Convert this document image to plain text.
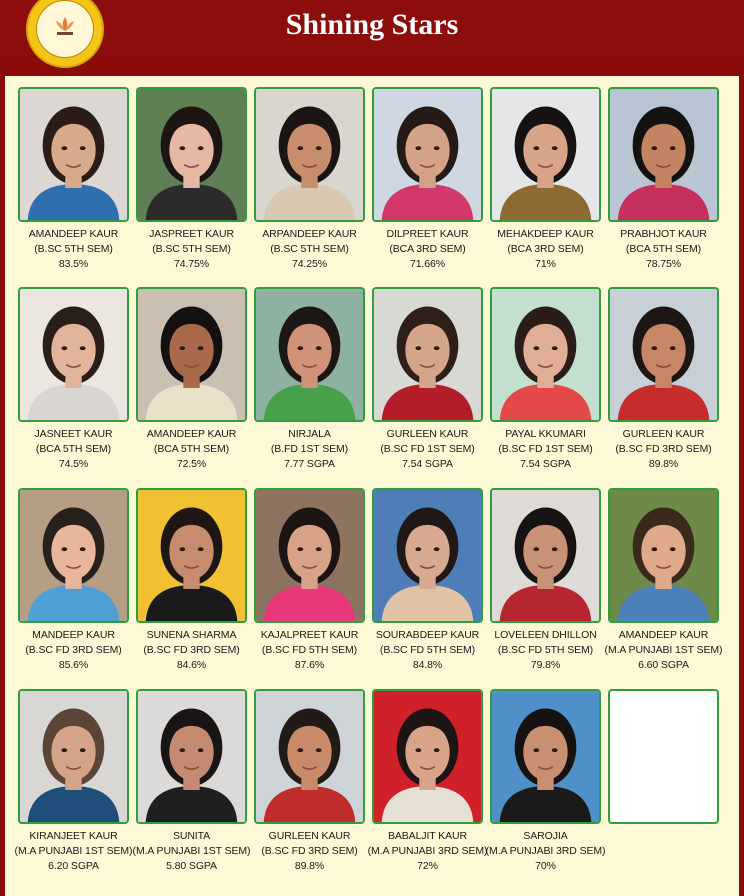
Shining Stars
AMANDEEP KAUR
(B.SC 5TH SEM)
83.5%
JASPREET KAUR
(B.SC 5TH SEM)
74.75%
ARPANDEEP KAUR
(B.SC 5TH SEM)
74.25%
DILPREET KAUR
(BCA 3RD SEM)
71.66%
MEHAKDEEP KAUR
(BCA 3RD SEM)
71%
PRABHJOT KAUR
(BCA 5TH SEM)
78.75%
JASNEET KAUR
(BCA 5TH SEM)
74.5%
AMANDEEP KAUR
(BCA 5TH SEM)
72.5%
NIRJALA
(B.FD 1ST SEM)
7.77 SGPA
GURLEEN KAUR
(B.SC FD 1ST SEM)
7.54 SGPA
PAYAL KKUMARI
(B.SC FD 1ST SEM)
7.54 SGPA
GURLEEN KAUR
(B.SC FD 3RD SEM)
89.8%
MANDEEP KAUR
(B.SC FD 3RD SEM)
85.6%
SUNENA SHARMA
(B.SC FD 3RD SEM)
84.6%
KAJALPREET KAUR
(B.SC FD 5TH SEM)
87.6%
SOURABDEEP KAUR
(B.SC FD 5TH SEM)
84.8%
LOVELEEN DHILLON
(B.SC FD 5TH SEM)
79.8%
AMANDEEP KAUR
(M.A PUNJABI 1ST SEM)
6.60 SGPA
KIRANJEET KAUR
(M.A PUNJABI 1ST SEM)
6.20 SGPA
SUNITA
(M.A PUNJABI 1ST SEM)
5.80 SGPA
GURLEEN KAUR
(B.SC FD 3RD SEM)
89.8%
BABALJIT KAUR
(M.A PUNJABI 3RD SEM)
72%
SAROJIA
(M.A PUNJABI 3RD SEM)
70%
